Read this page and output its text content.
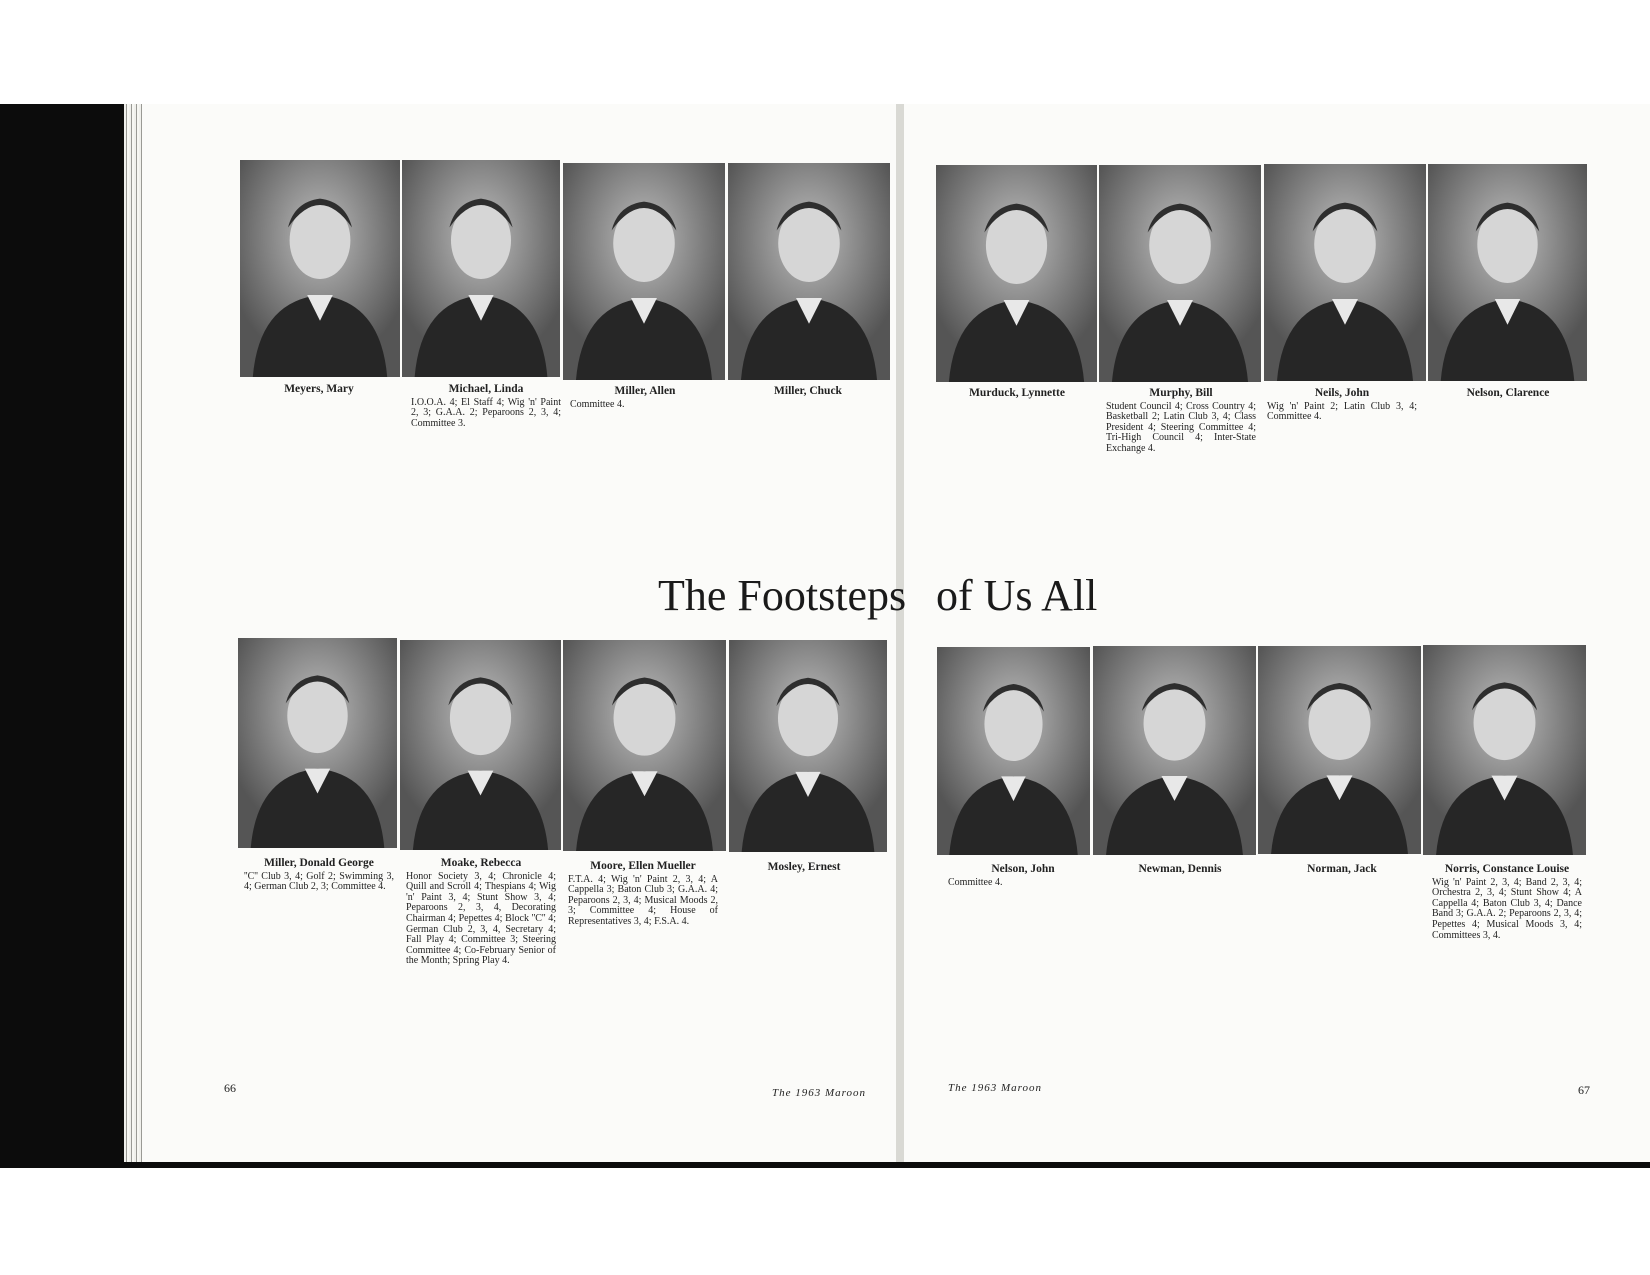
Meyers, Mary	Michael, Linda
I.O.O.A. 4; El Staff 4; Wig 'n' Paint 2, 3; G.A.A. 2; Peparoons 2, 3, 4; Committee 3.
Miller, Allen
Committee 4.
Miller, Chuck	Murduck, Lynnette	Murphy, Bill
Student Council 4; Cross Country 4; Basketball 2; Latin Club 3, 4; Class President 4; Steering Committee 4; Tri-High Council 4; Inter-State Exchange 4.
Neils, John
Wig 'n' Paint 2; Latin Club 3, 4; Committee 4.
Nelson, Clarence
The Footsteps of Us All
Miller, Donald George
''C'' Club 3, 4; Golf 2; Swimming 3, 4; German Club 2, 3; Committee 4.
Moake, Rebecca
Honor Society 3, 4; Chronicle 4; Quill and Scroll 4; Thespians 4; Wig 'n' Paint 3, 4; Stunt Show 3, 4; Peparoons 2, 3, 4, Decorating Chairman 4; Pepettes 4; Block ''C'' 4; German Club 2, 3, 4, Secretary 4; Fall Play 4; Committee 3; Steering Committee 4; Co-February Senior of the Month; Spring Play 4.
Moore, Ellen Mueller
F.T.A. 4; Wig 'n' Paint 2, 3, 4; A Cappella 3; Baton Club 3; G.A.A. 4; Peparoons 2, 3, 4; Musical Moods 2, 3; Committee 4; House of Representatives 3, 4; F.S.A. 4.
Mosley, Ernest	Nelson, John
Committee 4.
Newman, Dennis	Norman, Jack	Norris, Constance Louise
Wig 'n' Paint 2, 3, 4; Band 2, 3, 4; Orchestra 2, 3, 4; Stunt Show 4; A Cappella 4; Baton Club 3, 4; Dance Band 3; G.A.A. 2; Peparoons 2, 3, 4; Pepettes 4; Musical Moods 3, 4; Committees 3, 4.
66	The 1963 Maroon	The 1963 Maroon	67
